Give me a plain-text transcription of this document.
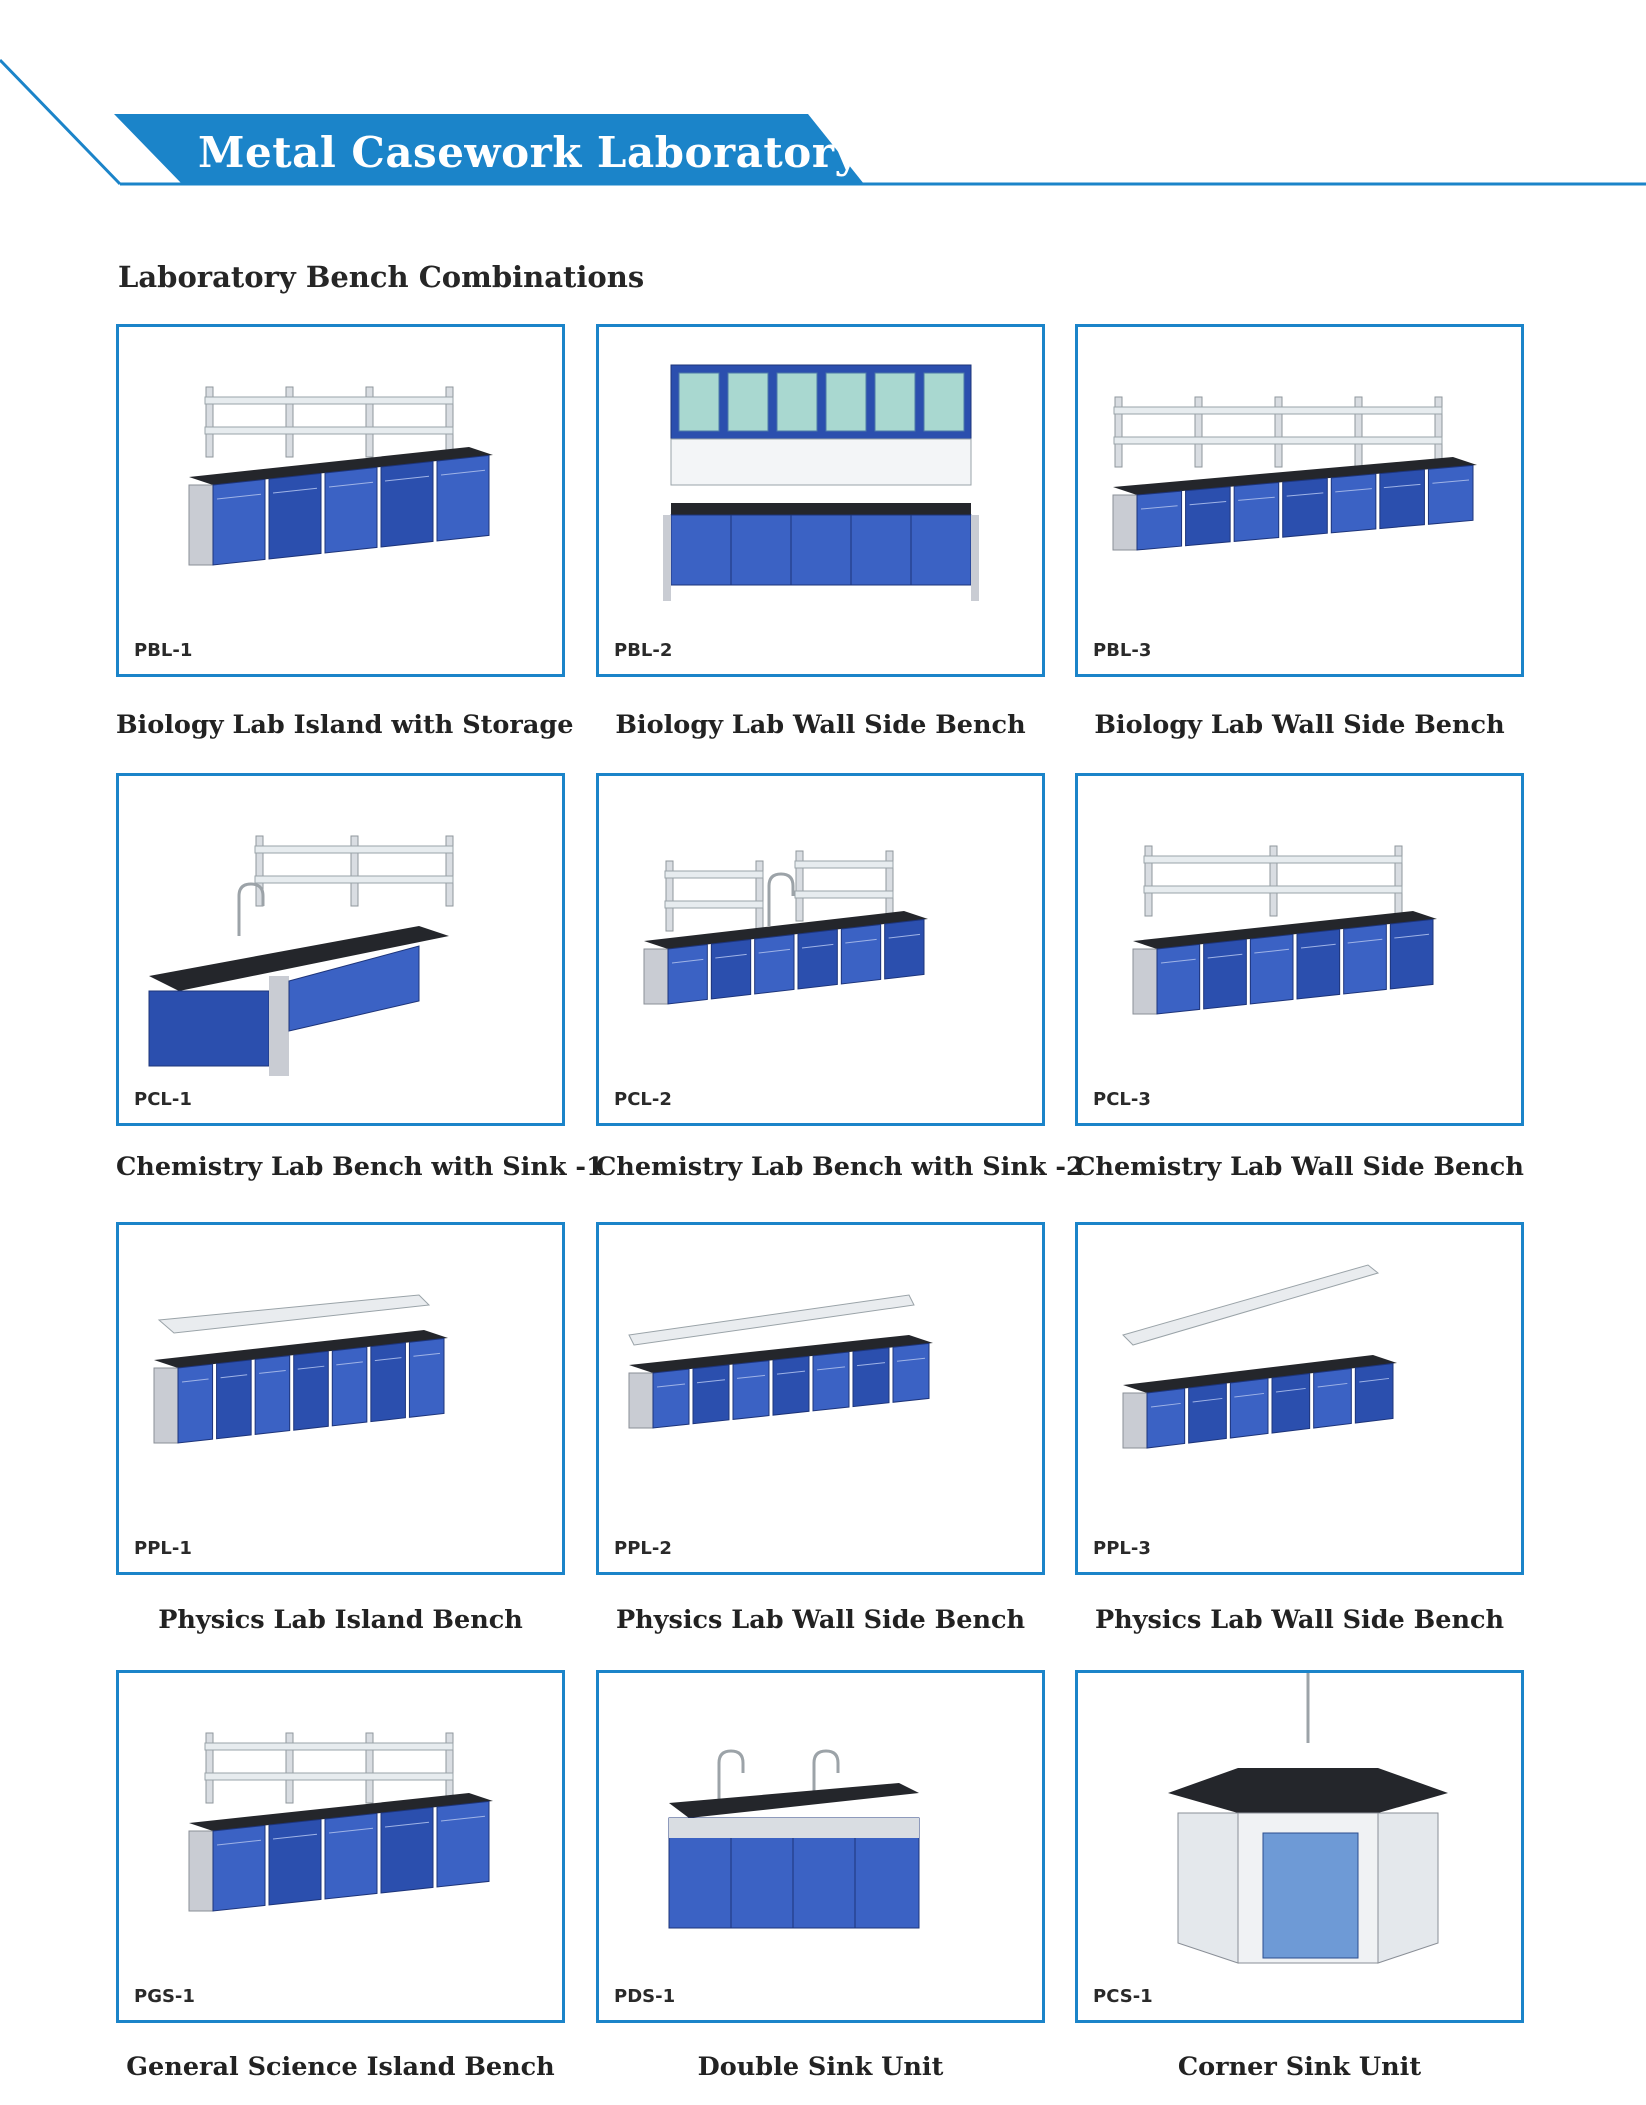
Metal Casework Laboratory
Laboratory Bench Combinations
PBL-1
Biology Lab Island with Storage
PBL-2
Biology Lab Wall Side Bench
PBL-3
Biology Lab Wall Side Bench
PCL-1
Chemistry Lab Bench with Sink -1
PCL-2
Chemistry Lab Bench with Sink -2
PCL-3
Chemistry Lab Wall Side Bench
PPL-1
Physics Lab Island Bench
PPL-2
Physics Lab Wall Side Bench
PPL-3
Physics Lab Wall Side Bench
PGS-1
General Science Island Bench
PDS-1
Double Sink Unit
PCS-1
Corner Sink Unit
